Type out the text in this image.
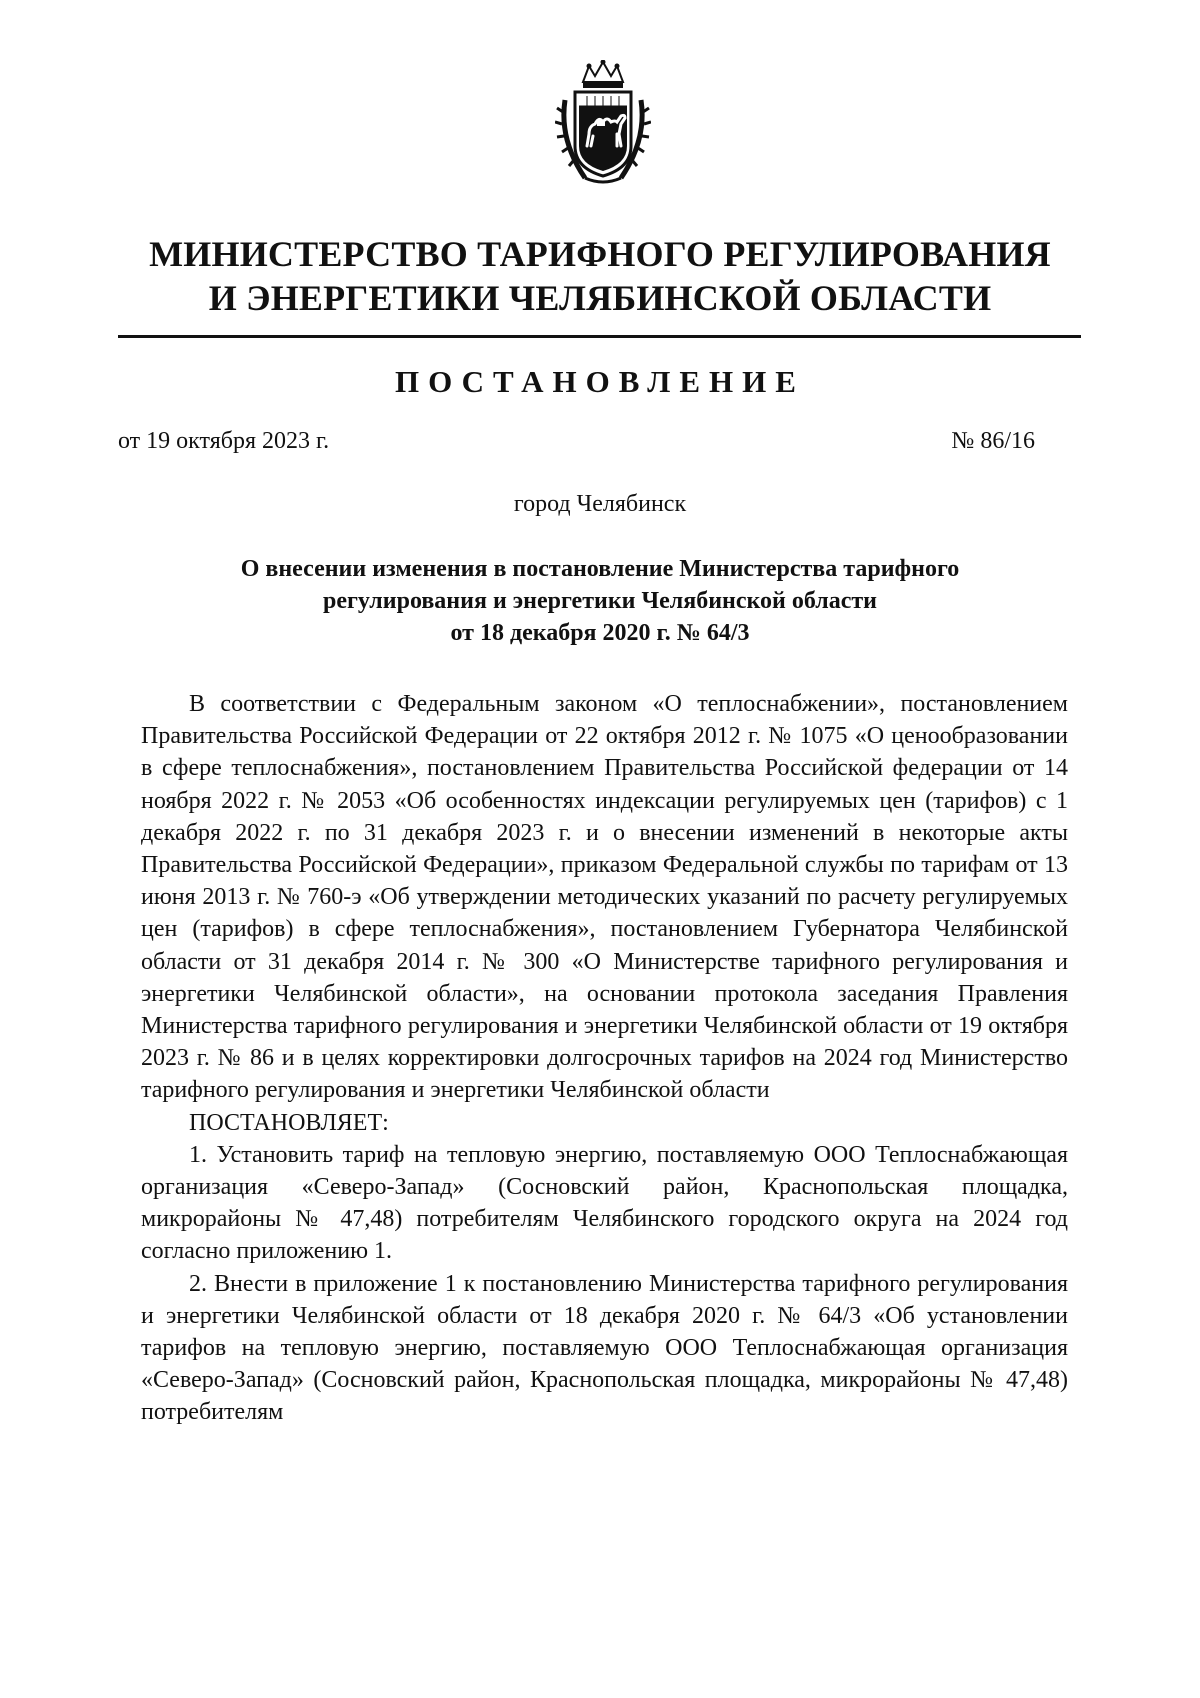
МИНИСТЕРСТВО ТАРИФНОГО РЕГУЛИРОВАНИЯ
И ЭНЕРГЕТИКИ ЧЕЛЯБИНСКОЙ ОБЛАСТИ
ПОСТАНОВЛЕНИЕ
от 19 октября 2023 г.	№ 86/16
город Челябинск
О внесении изменения в постановление Министерства тарифного
регулирования и энергетики Челябинской области
от 18 декабря 2020 г. № 64/3

В соответствии с Федеральным законом «О теплоснабжении», постановлением Правительства Российской Федерации от 22 октября 2012 г. № 1075 «О ценообразовании в сфере теплоснабжения», постановлением Правительства Российской федерации от 14 ноября 2022 г. № 2053 «Об особенностях индексации регулируемых цен (тарифов) с 1 декабря 2022 г. по 31 декабря 2023 г. и о внесении изменений в некоторые акты Правительства Российской Федерации», приказом Федеральной службы по тарифам от 13 июня 2013 г. № 760-э «Об утверждении методических указаний по расчету регулируемых цен (тарифов) в сфере теплоснабжения», постановлением Губернатора Челябинской области от 31 декабря 2014 г. № 300 «О Министерстве тарифного регулирования и энергетики Челябинской области», на основании протокола заседания Правления Министерства тарифного регулирования и энергетики Челябинской области от 19 октября 2023 г. № 86 и в целях корректировки долгосрочных тарифов на 2024 год Министерство тарифного регулирования и энергетики Челябинской области

ПОСТАНОВЛЯЕТ:

1. Установить тариф на тепловую энергию, поставляемую ООО Теплоснабжающая организация «Северо-Запад» (Сосновский район, Краснопольская площадка, микрорайоны № 47,48) потребителям Челябинского городского округа на 2024 год согласно приложению 1.

2. Внести в приложение 1 к постановлению Министерства тарифного регулирования и энергетики Челябинской области от 18 декабря 2020 г. № 64/3 «Об установлении тарифов на тепловую энергию, поставляемую ООО Теплоснабжающая организация «Северо-Запад» (Сосновский район, Краснопольская площадка, микрорайоны № 47,48) потребителям
